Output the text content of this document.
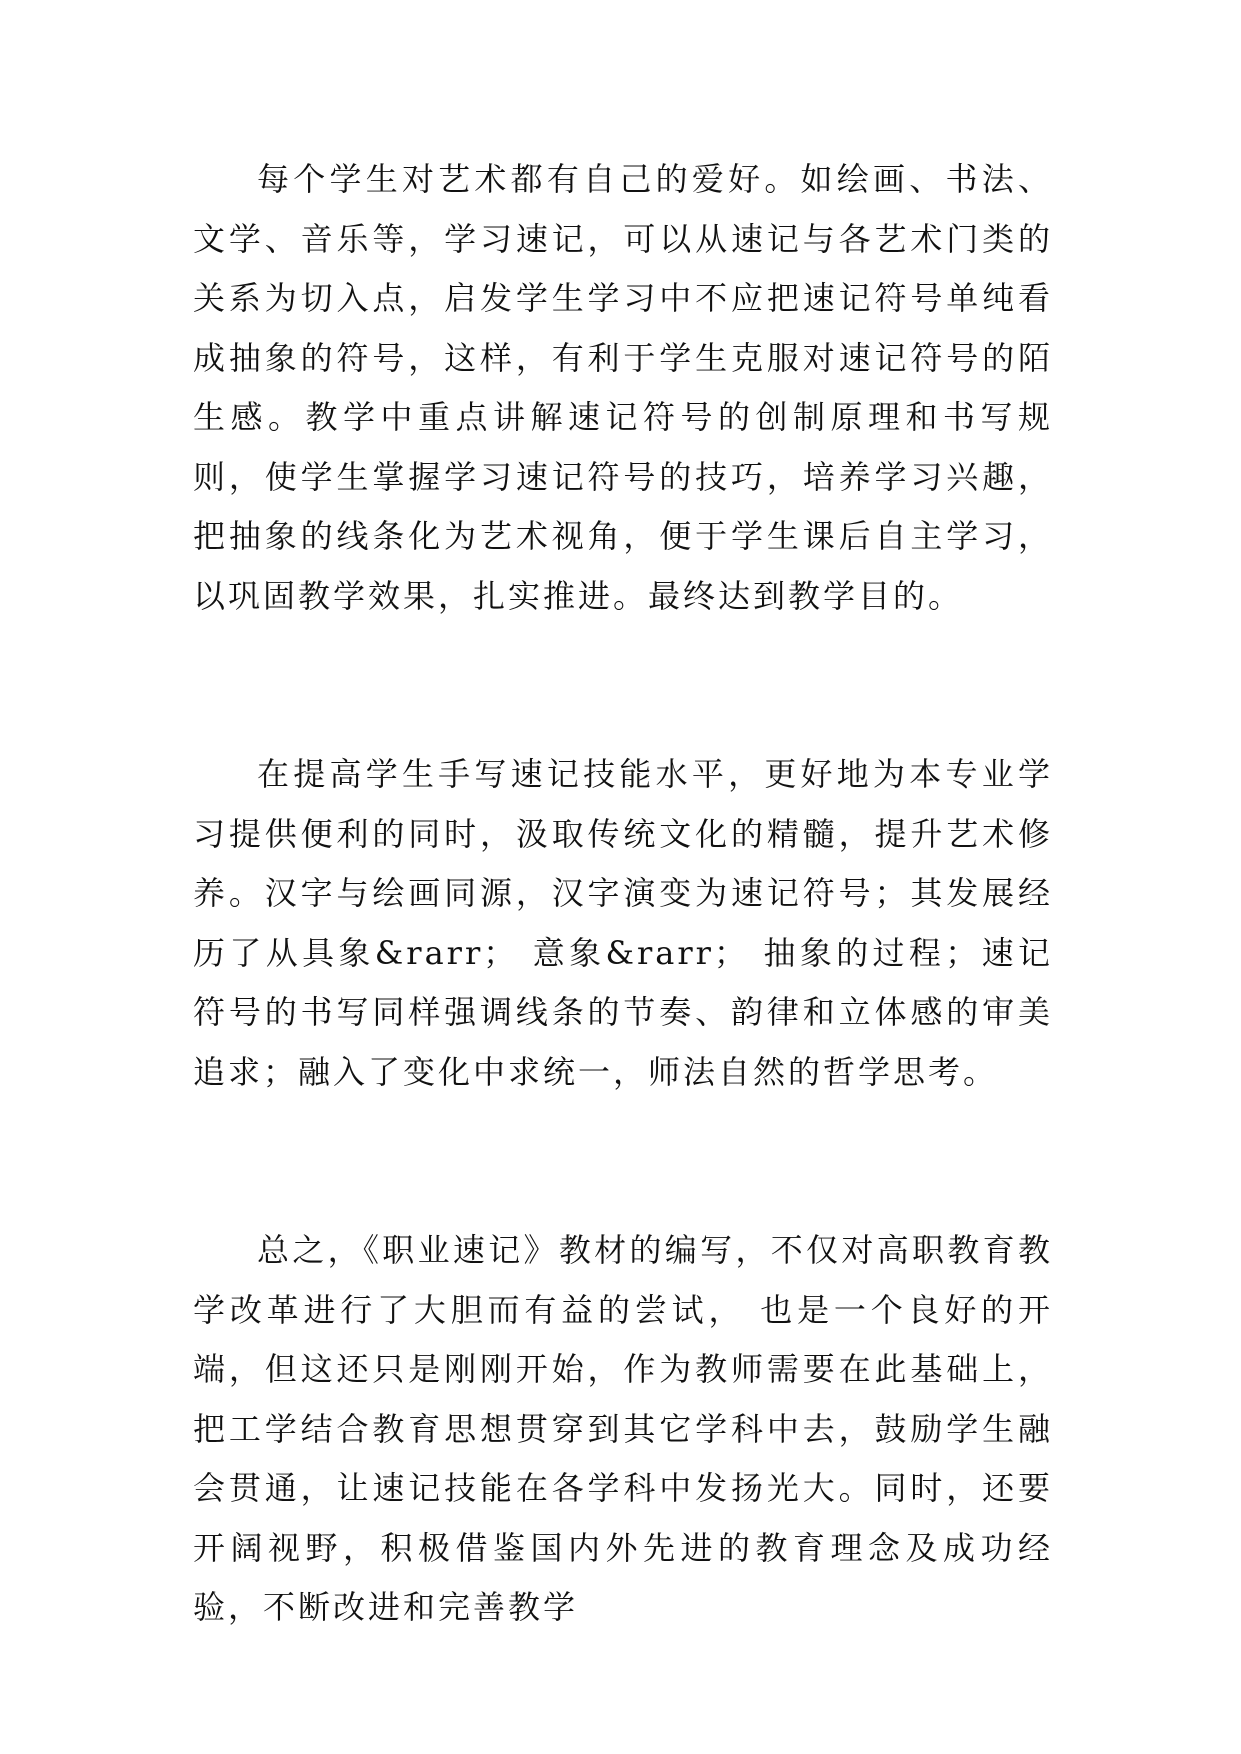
每个学生对艺术都有自己的爱好。如绘画、书法、文学、音乐等，学习速记，可以从速记与各艺术门类的关系为切入点，启发学生学习中不应把速记符号单纯看成抽象的符号，这样，有利于学生克服对速记符号的陌生感。教学中重点讲解速记符号的创制原理和书写规则，使学生掌握学习速记符号的技巧，培养学习兴趣，把抽象的线条化为艺术视角，便于学生课后自主学习，以巩固教学效果，扎实推进。最终达到教学目的。

在提高学生手写速记技能水平，更好地为本专业学习提供便利的同时，汲取传统文化的精髓，提升艺术修养。汉字与绘画同源，汉字演变为速记符号；其发展经历了从具象&rarr； 意象&rarr； 抽象的过程；速记符号的书写同样强调线条的节奏、韵律和立体感的审美追求；融入了变化中求统一，师法自然的哲学思考。

总之，《职业速记》教材的编写，不仅对高职教育教学改革进行了大胆而有益的尝试， 也是一个良好的开端，但这还只是刚刚开始，作为教师需要在此基础上，把工学结合教育思想贯穿到其它学科中去，鼓励学生融会贯通，让速记技能在各学科中发扬光大。同时，还要开阔视野，积极借鉴国内外先进的教育理念及成功经验，不断改进和完善教学
